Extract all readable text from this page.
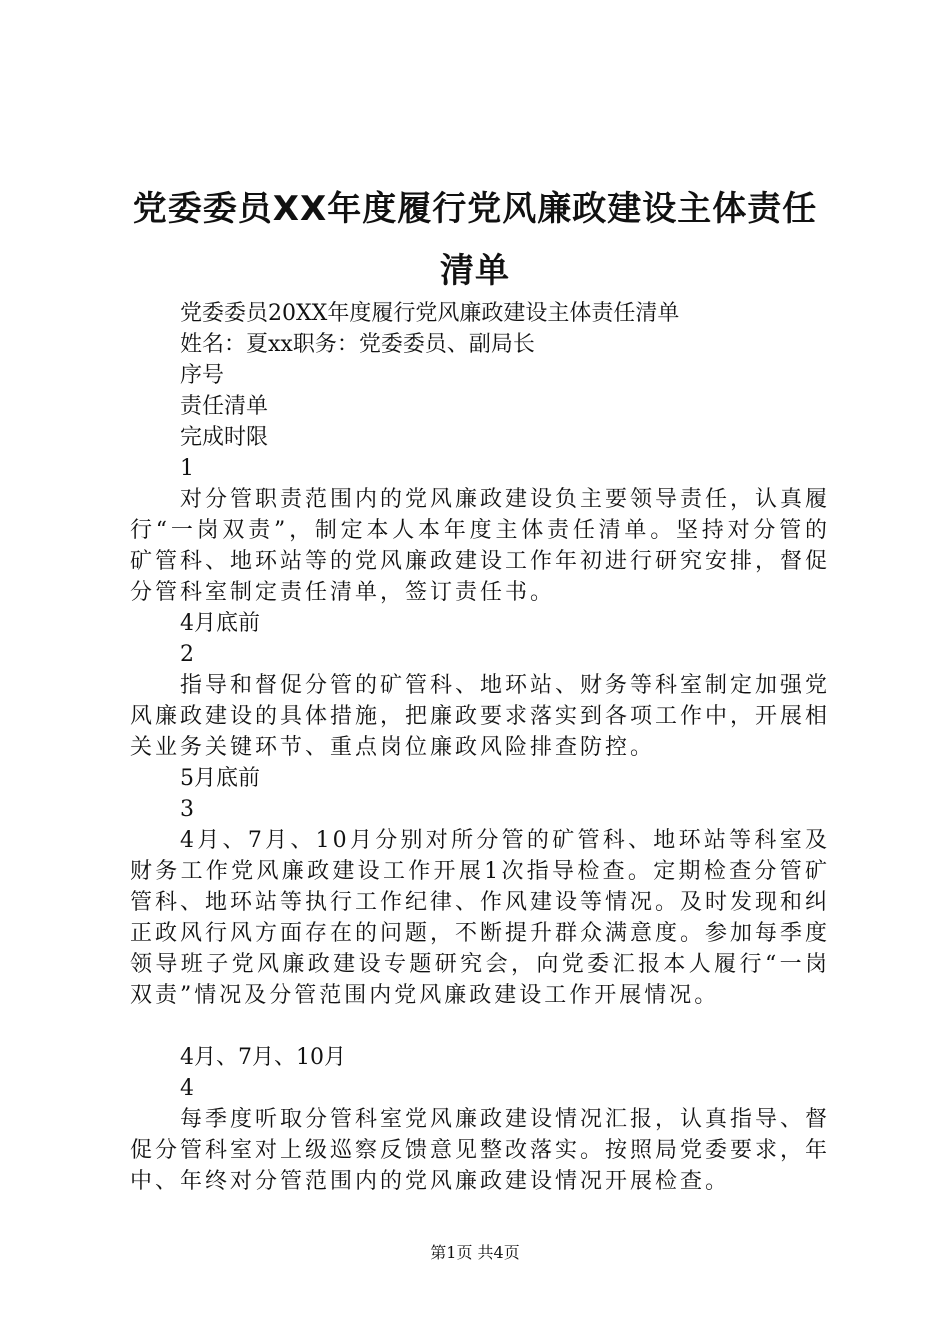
党委委员XX年度履行党风廉政建设主体责任清单
党委委员20XX年度履行党风廉政建设主体责任清单
姓名：夏xx职务：党委委员、副局长
序号
责任清单
完成时限
1
对分管职责范围内的党风廉政建设负主要领导责任，认真履行“一岗双责”，制定本人本年度主体责任清单。坚持对分管的矿管科、地环站等的党风廉政建设工作年初进行研究安排，督促分管科室制定责任清单，签订责任书。
4月底前
2
指导和督促分管的矿管科、地环站、财务等科室制定加强党风廉政建设的具体措施，把廉政要求落实到各项工作中，开展相关业务关键环节、重点岗位廉政风险排查防控。
5月底前
3
4月、7月、10月分别对所分管的矿管科、地环站等科室及财务工作党风廉政建设工作开展1次指导检查。定期检查分管矿管科、地环站等执行工作纪律、作风建设等情况。及时发现和纠正政风行风方面存在的问题，不断提升群众满意度。参加每季度领导班子党风廉政建设专题研究会，向党委汇报本人履行“一岗双责”情况及分管范围内党风廉政建设工作开展情况。
4月、7月、10月
4
每季度听取分管科室党风廉政建设情况汇报，认真指导、督促分管科室对上级巡察反馈意见整改落实。按照局党委要求，年中、年终对分管范围内的党风廉政建设情况开展检查。
第1页 共4页
